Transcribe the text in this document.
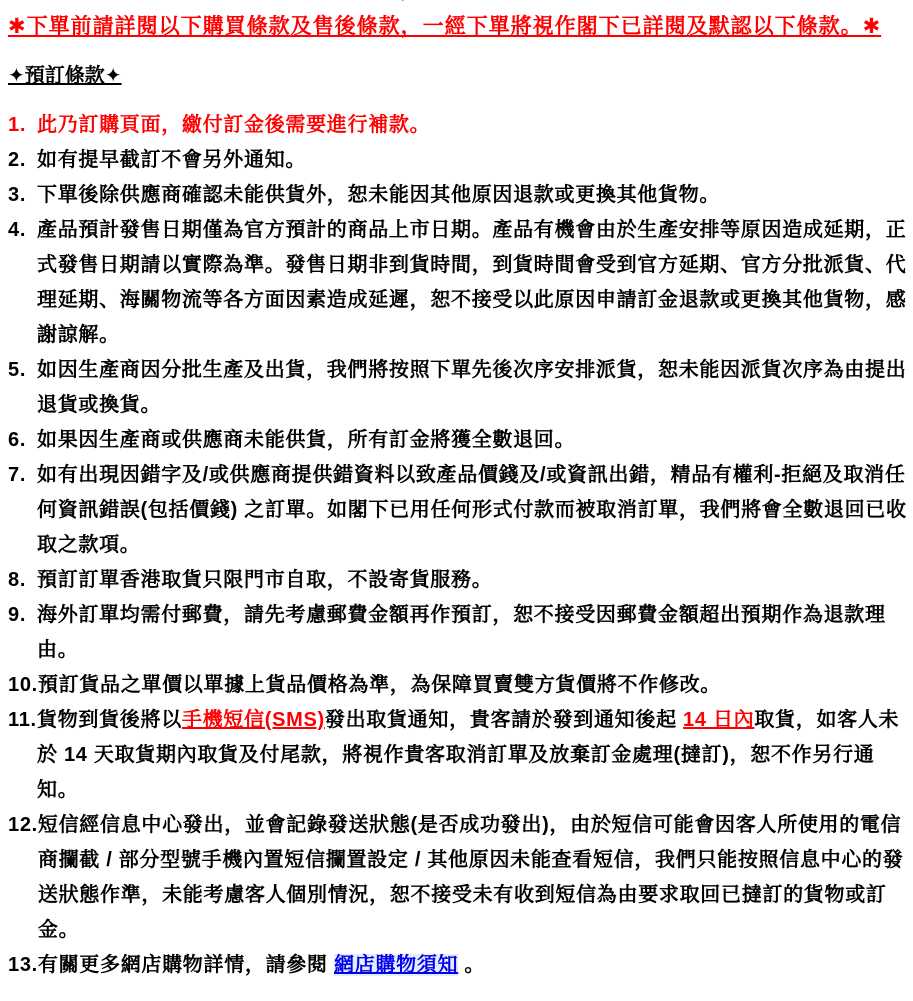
✱下單前請詳閱以下購買條款及售後條款，一經下單將視作閣下已詳閱及默認以下條款。✱

✦預訂條款✦
1. 此乃訂購頁面，繳付訂金後需要進行補款。
2. 如有提早截訂不會另外通知。
3. 下單後除供應商確認未能供貨外，恕未能因其他原因退款或更換其他貨物。
4. 產品預計發售日期僅為官方預計的商品上市日期。產品有機會由於生產安排等原因造成延期，正式發售日期請以實際為準。發售日期非到貨時間，到貨時間會受到官方延期、官方分批派貨、代理延期、海關物流等各方面因素造成延遲，恕不接受以此原因申請訂金退款或更換其他貨物，感謝諒解。
5. 如因生產商因分批生產及出貨，我們將按照下單先後次序安排派貨，恕未能因派貨次序為由提出退貨或換貨。
6. 如果因生產商或供應商未能供貨，所有訂金將獲全數退回。
7. 如有出現因錯字及/或供應商提供錯資料以致產品價錢及/或資訊出錯，精品有權利-拒絕及取消任何資訊錯誤(包括價錢) 之訂單。如閣下已用任何形式付款而被取消訂單，我們將會全數退回已收取之款項。
8. 預訂訂單香港取貨只限門市自取，不設寄貨服務。
9. 海外訂單均需付郵費，請先考慮郵費金額再作預訂，恕不接受因郵費金額超出預期作為退款理由。
10. 預訂貨品之單價以單據上貨品價格為準，為保障買賣雙方貨價將不作修改。
11. 貨物到貨後將以手機短信(SMS)發出取貨通知，貴客請於發到通知後起 14 日內取貨，如客人未於 14 天取貨期內取貨及付尾款，將視作貴客取消訂單及放棄訂金處理(撻訂)，恕不作另行通知。
12. 短信經信息中心發出，並會記錄發送狀態(是否成功發出)，由於短信可能會因客人所使用的電信商攔截 / 部分型號手機內置短信攔置設定 / 其他原因未能查看短信，我們只能按照信息中心的發送狀態作準，未能考慮客人個別情況，恕不接受未有收到短信為由要求取回已撻訂的貨物或訂金。
13. 有關更多網店購物詳情，請參閱 網店購物須知 。
